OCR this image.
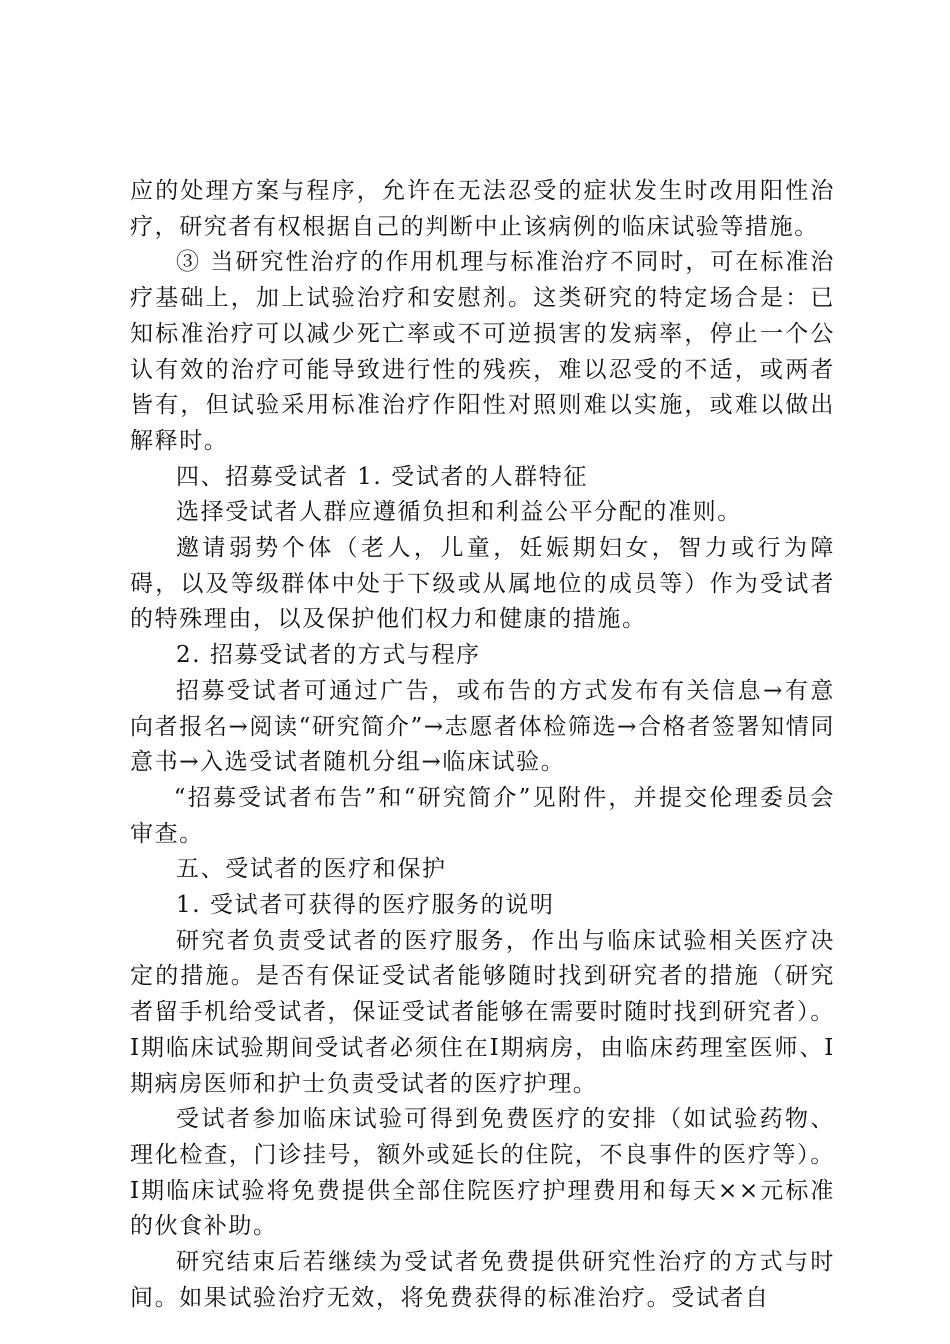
应的处理方案与程序，允许在无法忍受的症状发生时改用阳性治疗，研究者有权根据自己的判断中止该病例的临床试验等措施。

③ 当研究性治疗的作用机理与标准治疗不同时，可在标准治疗基础上，加上试验治疗和安慰剂。这类研究的特定场合是：已知标准治疗可以减少死亡率或不可逆损害的发病率，停止一个公认有效的治疗可能导致进行性的残疾，难以忍受的不适，或两者皆有，但试验采用标准治疗作阳性对照则难以实施，或难以做出解释时。

四、招募受试者 1. 受试者的人群特征

选择受试者人群应遵循负担和利益公平分配的准则。

邀请弱势个体（老人，儿童，妊娠期妇女，智力或行为障碍，以及等级群体中处于下级或从属地位的成员等）作为受试者的特殊理由，以及保护他们权力和健康的措施。

2. 招募受试者的方式与程序

招募受试者可通过广告，或布告的方式发布有关信息→有意向者报名→阅读“研究简介”→志愿者体检筛选→合格者签署知情同意书→入选受试者随机分组→临床试验。

“招募受试者布告”和“研究简介”见附件，并提交伦理委员会审查。

五、受试者的医疗和保护

1. 受试者可获得的医疗服务的说明

研究者负责受试者的医疗服务，作出与临床试验相关医疗决定的措施。是否有保证受试者能够随时找到研究者的措施（研究者留手机给受试者，保证受试者能够在需要时随时找到研究者）。Ⅰ期临床试验期间受试者必须住在Ⅰ期病房，由临床药理室医师、Ⅰ期病房医师和护士负责受试者的医疗护理。

受试者参加临床试验可得到免费医疗的安排（如试验药物、理化检查，门诊挂号，额外或延长的住院，不良事件的医疗等）。Ⅰ期临床试验将免费提供全部住院医疗护理费用和每天××元标准的伙食补助。

研究结束后若继续为受试者免费提供研究性治疗的方式与时间。如果试验治疗无效，将免费获得的标准治疗。受试者自
